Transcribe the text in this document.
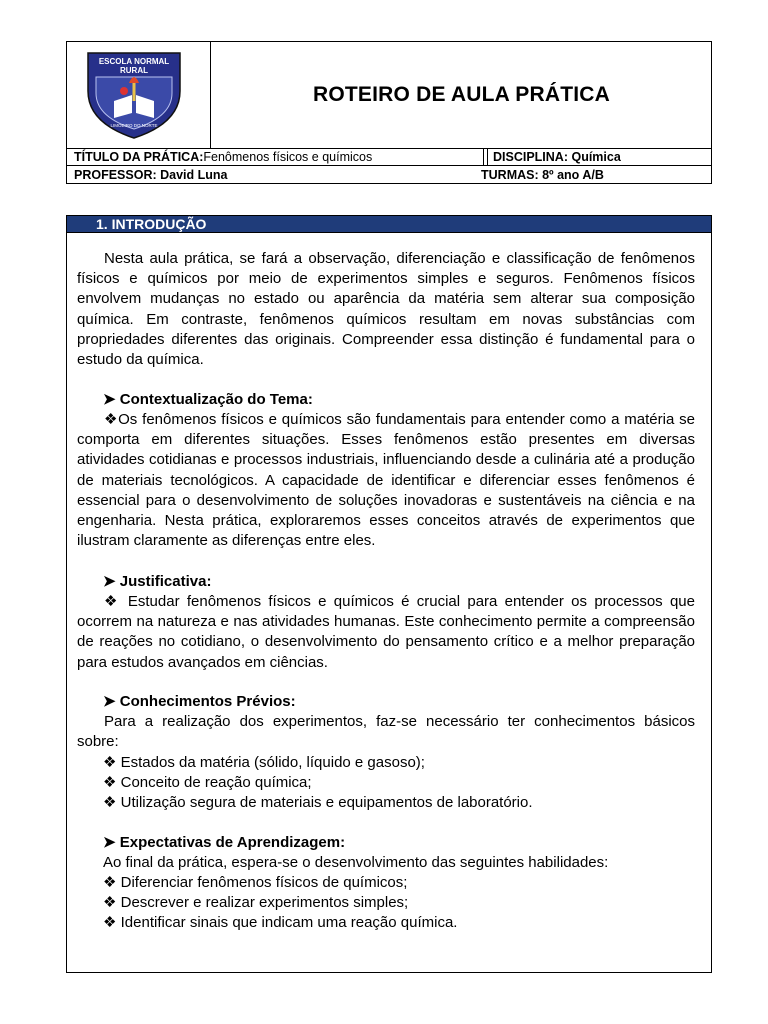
ESCOLA NORMAL
RURAL
LIMOEIRO DO NORTE
ROTEIRO DE AULA PRÁTICA
TÍTULO DA PRÁTICA:Fenômenos físicos e químicos	DISCIPLINA: Química
PROFESSOR: David Luna	TURMAS: 8º ano A/B
1. INTRODUÇÃO
Nesta aula prática, se fará a observação, diferenciação e classificação de fenômenos físicos e químicos por meio de experimentos simples e seguros. Fenômenos físicos envolvem mudanças no estado ou aparência da matéria sem alterar sua composição química. Em contraste, fenômenos químicos resultam em novas substâncias com propriedades diferentes das originais. Compreender essa distinção é fundamental para o estudo da química.
➤ Contextualização do Tema:
❖Os fenômenos físicos e químicos são fundamentais para entender como a matéria se comporta em diferentes situações. Esses fenômenos estão presentes em diversas atividades cotidianas e processos industriais, influenciando desde a culinária até a produção de materiais tecnológicos. A capacidade de identificar e diferenciar esses fenômenos é essencial para o desenvolvimento de soluções inovadoras e sustentáveis na ciência e na engenharia. Nesta prática, exploraremos esses conceitos através de experimentos que ilustram claramente as diferenças entre eles.
➤ Justificativa:
❖ Estudar fenômenos físicos e químicos é crucial para entender os processos que ocorrem na natureza e nas atividades humanas. Este conhecimento permite a compreensão de reações no cotidiano, o desenvolvimento do pensamento crítico e a melhor preparação para estudos avançados em ciências.
➤ Conhecimentos Prévios:
Para a realização dos experimentos, faz-se necessário ter conhecimentos básicos sobre:
❖ Estados da matéria (sólido, líquido e gasoso);
❖ Conceito de reação química;
❖ Utilização segura de materiais e equipamentos de laboratório.
➤ Expectativas de Aprendizagem:
Ao final da prática, espera-se o desenvolvimento das seguintes habilidades:
❖ Diferenciar fenômenos físicos de químicos;
❖ Descrever e realizar experimentos simples;
❖ Identificar sinais que indicam uma reação química.
